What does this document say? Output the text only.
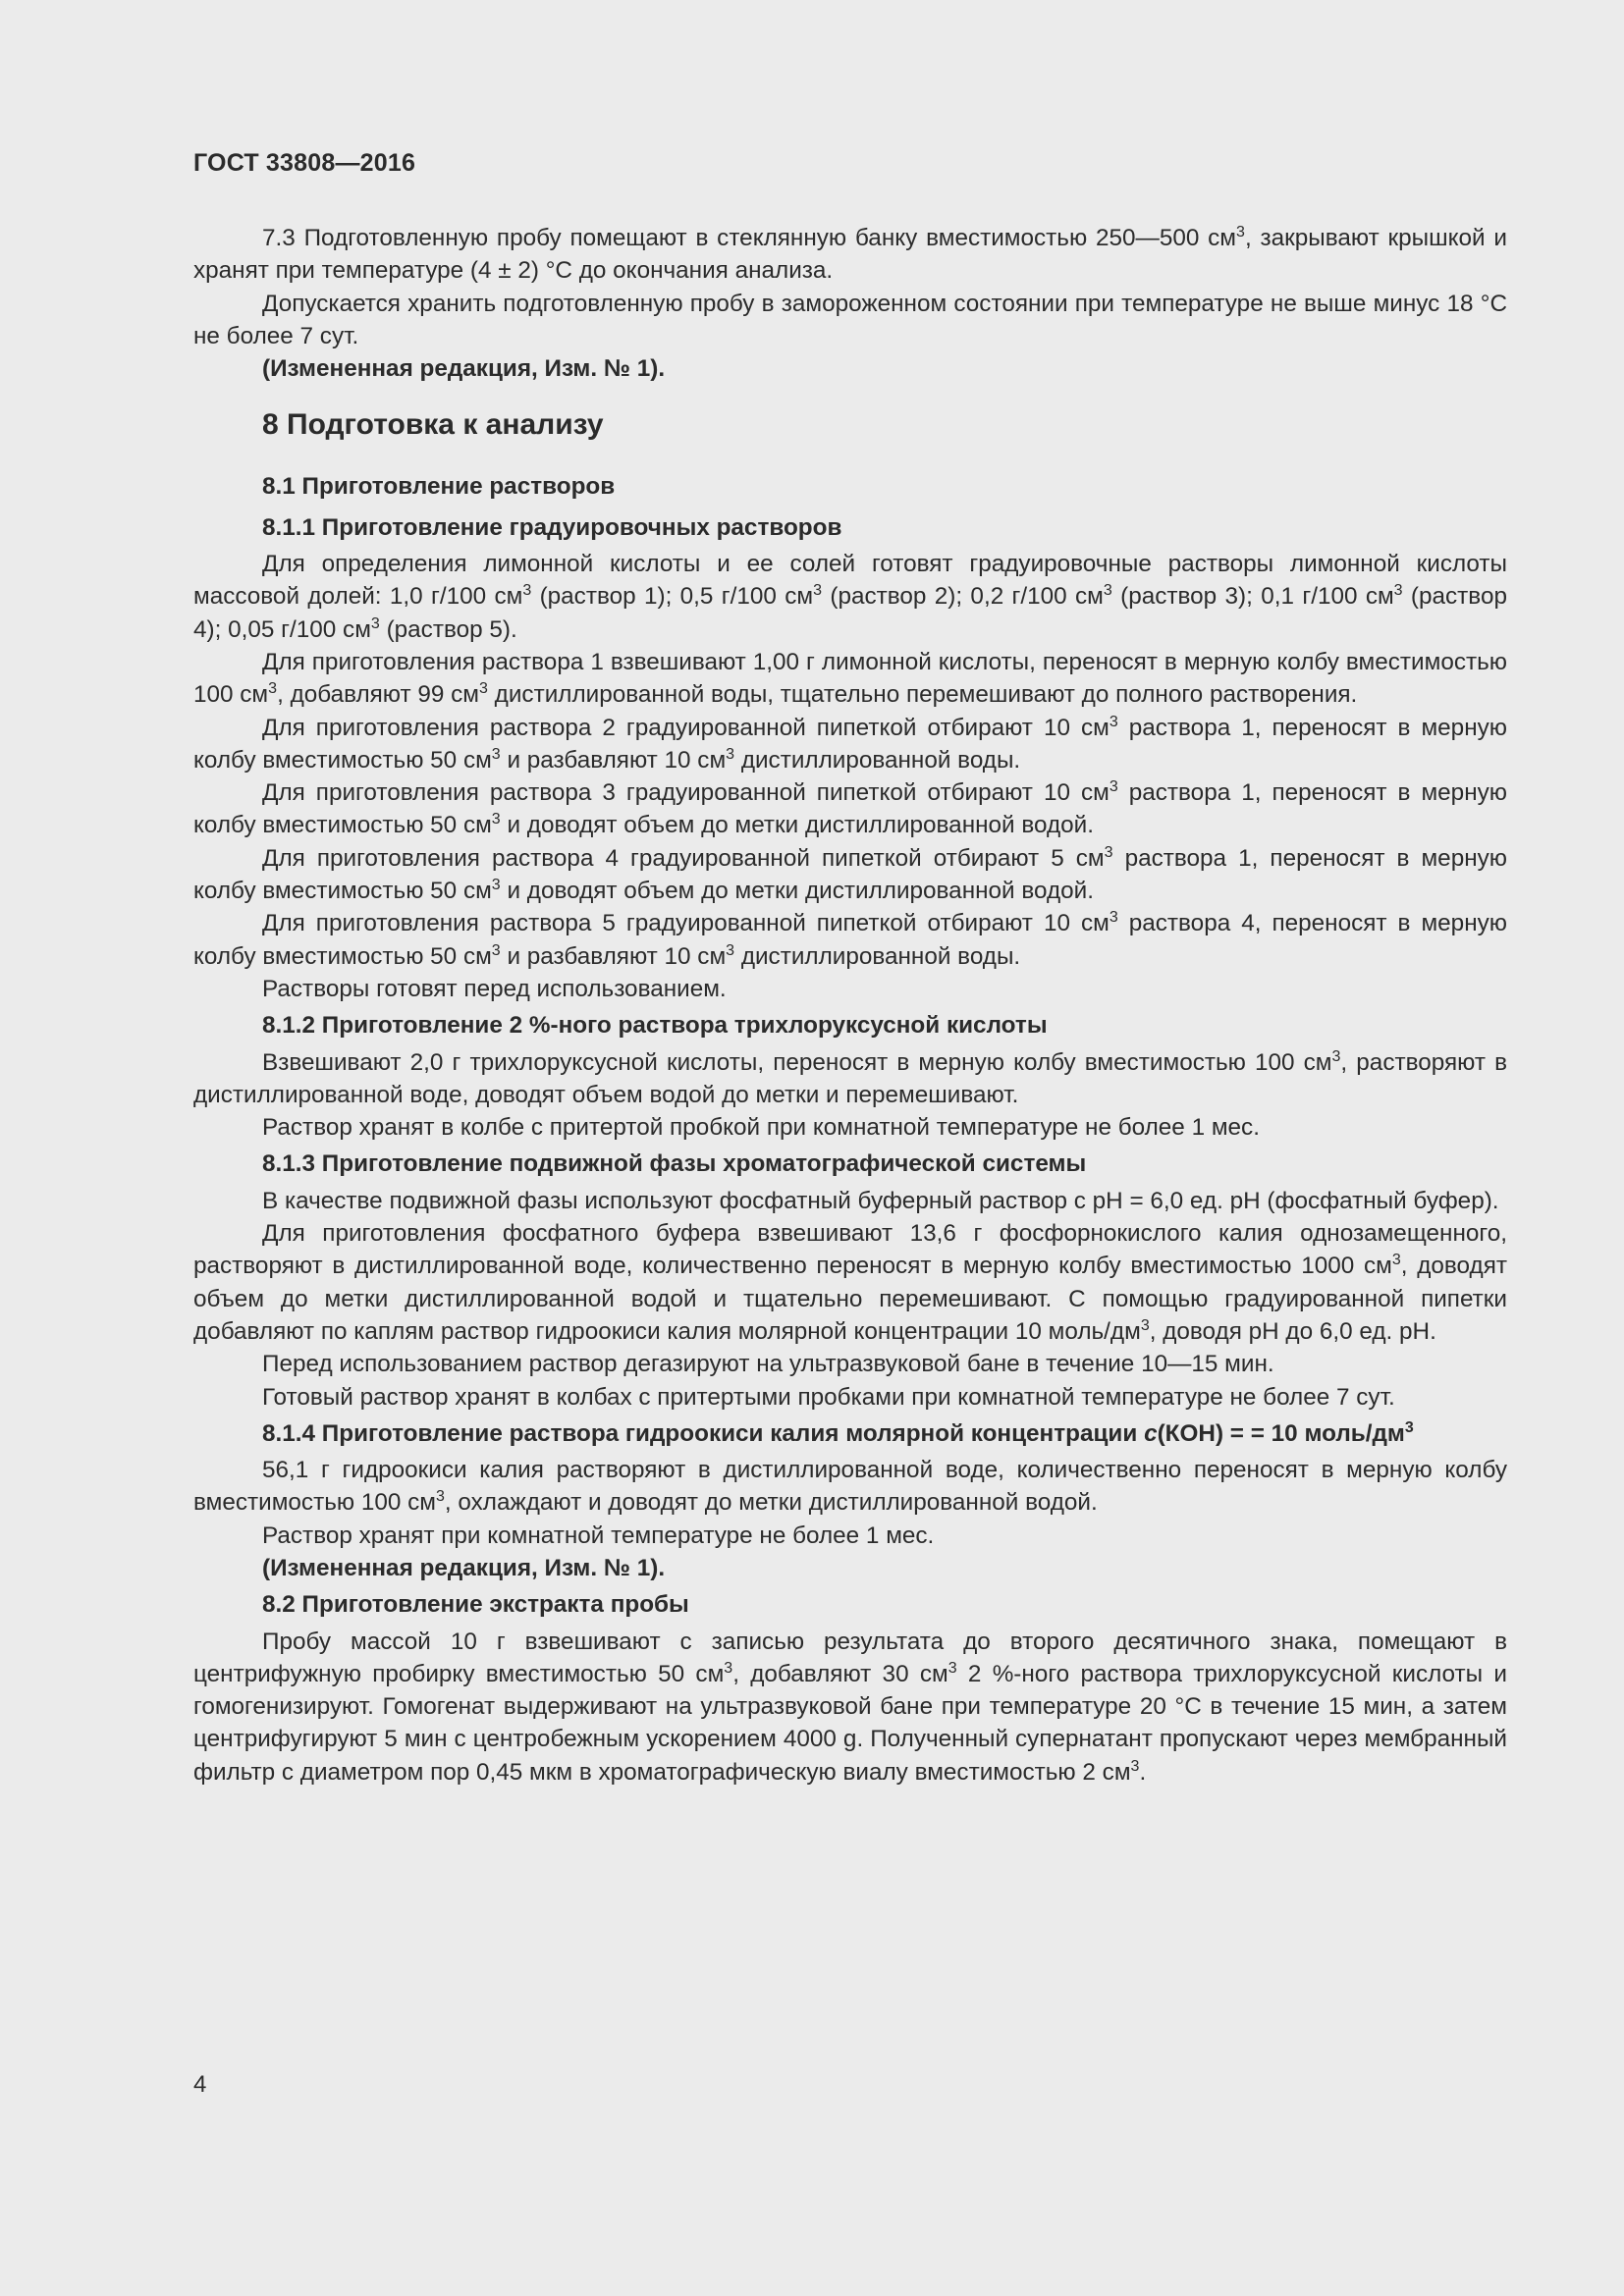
ГОСТ 33808—2016

7.3 Подготовленную пробу помещают в стеклянную банку вместимостью 250—500 $см^3$, закрывают крышкой и хранят при температуре (4 ± 2) °С до окончания анализа.

Допускается хранить подготовленную пробу в замороженном состоянии при температуре не выше минус 18 °С не более 7 сут.

(Измененная редакция, Изм. № 1).

8 Подготовка к анализу
8.1 Приготовление растворов
8.1.1 Приготовление градуировочных растворов

Для определения лимонной кислоты и ее солей готовят градуировочные растворы лимонной кислоты массовой долей: 1,0 г/100 $см^3$ (раствор 1); 0,5 г/100 $см^3$ (раствор 2); 0,2 г/100 $см^3$ (раствор 3); 0,1 г/100 $см^3$ (раствор 4); 0,05 г/100 $см^3$ (раствор 5).

Для приготовления раствора 1 взвешивают 1,00 г лимонной кислоты, переносят в мерную колбу вместимостью 100 $см^3$, добавляют 99 $см^3$ дистиллированной воды, тщательно перемешивают до полного растворения.

Для приготовления раствора 2 градуированной пипеткой отбирают 10 $см^3$ раствора 1, переносят в мерную колбу вместимостью 50 $см^3$ и разбавляют 10 $см^3$ дистиллированной воды.

Для приготовления раствора 3 градуированной пипеткой отбирают 10 $см^3$ раствора 1, переносят в мерную колбу вместимостью 50 $см^3$ и доводят объем до метки дистиллированной водой.

Для приготовления раствора 4 градуированной пипеткой отбирают 5 $см^3$ раствора 1, переносят в мерную колбу вместимостью 50 $см^3$ и доводят объем до метки дистиллированной водой.

Для приготовления раствора 5 градуированной пипеткой отбирают 10 $см^3$ раствора 4, переносят в мерную колбу вместимостью 50 $см^3$ и разбавляют 10 $см^3$ дистиллированной воды.

Растворы готовят перед использованием.

8.1.2 Приготовление 2 %-ного раствора трихлоруксусной кислоты

Взвешивают 2,0 г трихлоруксусной кислоты, переносят в мерную колбу вместимостью 100 $см^3$, растворяют в дистиллированной воде, доводят объем водой до метки и перемешивают.

Раствор хранят в колбе с притертой пробкой при комнатной температуре не более 1 мес.

8.1.3 Приготовление подвижной фазы хроматографической системы

В качестве подвижной фазы используют фосфатный буферный раствор с рН = 6,0 ед. рН (фосфатный буфер).

Для приготовления фосфатного буфера взвешивают 13,6 г фосфорнокислого калия однозамещенного, растворяют в дистиллированной воде, количественно переносят в мерную колбу вместимостью 1000 $см^3$, доводят объем до метки дистиллированной водой и тщательно перемешивают. С помощью градуированной пипетки добавляют по каплям раствор гидроокиси калия молярной концентрации 10 моль/$дм^3$, доводя рН до 6,0 ед. рН.

Перед использованием раствор дегазируют на ультразвуковой бане в течение 10—15 мин.

Готовый раствор хранят в колбах с притертыми пробками при комнатной температуре не более 7 сут.

8.1.4 Приготовление раствора гидроокиси калия молярной концентрации с(КОН) = = 10 моль/$дм^3$

56,1 г гидроокиси калия растворяют в дистиллированной воде, количественно переносят в мерную колбу вместимостью 100 $см^3$, охлаждают и доводят до метки дистиллированной водой.

Раствор хранят при комнатной температуре не более 1 мес.

(Измененная редакция, Изм. № 1).

8.2 Приготовление экстракта пробы

Пробу массой 10 г взвешивают с записью результата до второго десятичного знака, помещают в центрифужную пробирку вместимостью 50 $см^3$, добавляют 30 $см^3$ 2 %-ного раствора трихлоруксусной кислоты и гомогенизируют. Гомогенат выдерживают на ультразвуковой бане при температуре 20 °С в течение 15 мин, а затем центрифугируют 5 мин с центробежным ускорением 4000 g. Полученный супернатант пропускают через мембранный фильтр с диаметром пор 0,45 мкм в хроматографическую виалу вместимостью 2 $см^3$.

4
